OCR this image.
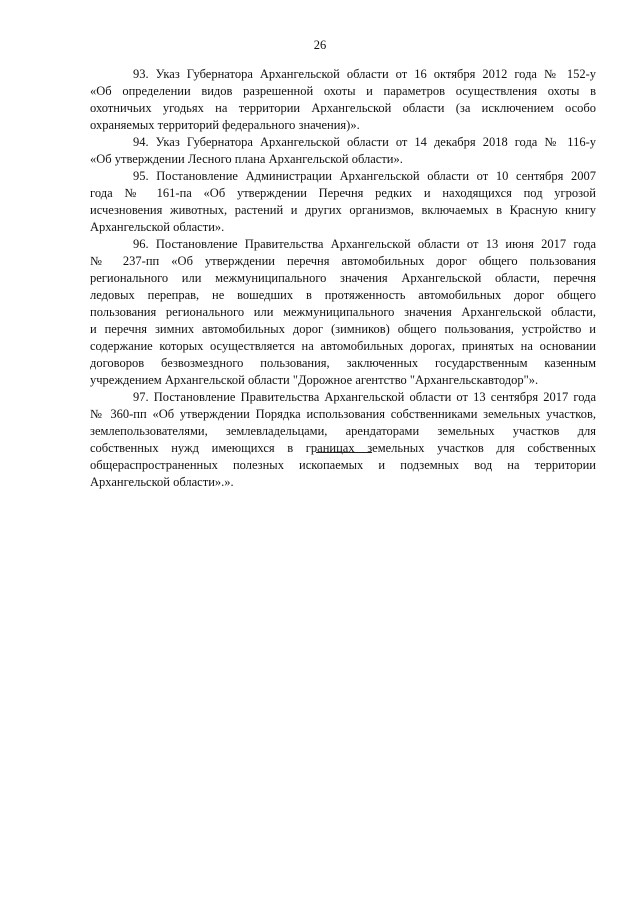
26
93. Указ Губернатора Архангельской области от 16 октября 2012 года № 152-у
«Об определении видов разрешенной охоты и параметров осуществления охоты в
охотничьих угодьях на территории Архангельской области (за исключением особо
охраняемых территорий федерального значения)».
94. Указ Губернатора Архангельской области от 14 декабря 2018 года № 116-у
«Об утверждении Лесного плана Архангельской области».
95. Постановление Администрации Архангельской области от 10 сентября 2007
года № 161-па «Об утверждении Перечня редких и находящихся под угрозой
исчезновения животных, растений и других организмов, включаемых в Красную книгу
Архангельской области».
96. Постановление Правительства Архангельской области от 13 июня 2017 года
№ 237-пп «Об утверждении перечня автомобильных дорог общего пользования
регионального или межмуниципального значения Архангельской области, перечня
ледовых переправ, не вошедших в протяженность автомобильных дорог общего
пользования регионального или межмуниципального значения Архангельской области,
и перечня зимних автомобильных дорог (зимников) общего пользования, устройство и
содержание которых осуществляется на автомобильных дорогах, принятых на основании
договоров безвозмездного пользования, заключенных государственным казенным
учреждением Архангельской области "Дорожное агентство "Архангельскавтодор"».
97. Постановление Правительства Архангельской области от 13 сентября 2017 года
№ 360-пп «Об утверждении Порядка использования собственниками земельных участков,
землепользователями, землевладельцами, арендаторами земельных участков для
собственных нужд имеющихся в границах земельных участков для собственных
общераспространенных полезных ископаемых и подземных вод на территории
Архангельской области».».
